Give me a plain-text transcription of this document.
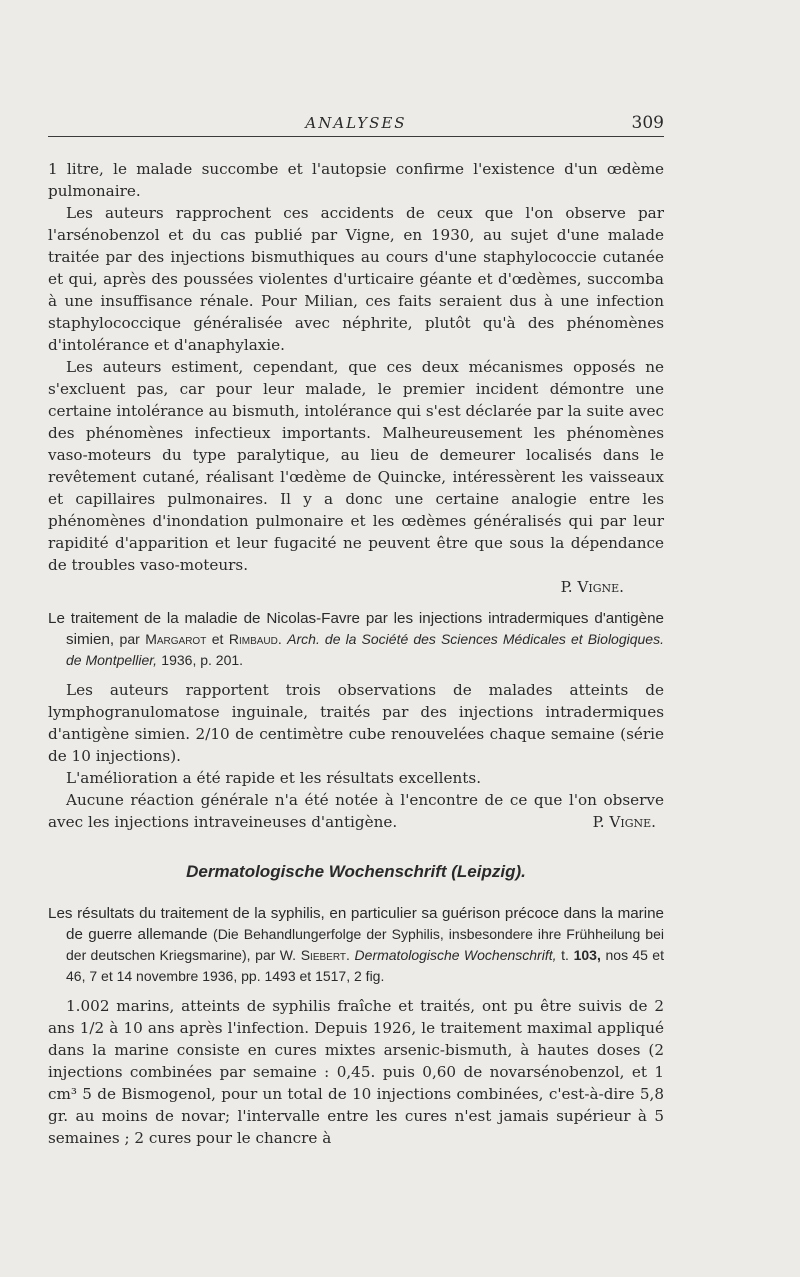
ANALYSES	309

1 litre, le malade succombe et l'autopsie confirme l'existence d'un œdème pulmonaire.

Les auteurs rapprochent ces accidents de ceux que l'on observe par l'arsénobenzol et du cas publié par Vigne, en 1930, au sujet d'une malade traitée par des injections bismuthiques au cours d'une staphylococcie cutanée et qui, après des poussées violentes d'urticaire géante et d'œdèmes, succomba à une insuffisance rénale. Pour Milian, ces faits seraient dus à une infection staphylococcique généralisée avec néphrite, plutôt qu'à des phénomènes d'intolérance et d'anaphylaxie.

Les auteurs estiment, cependant, que ces deux mécanismes opposés ne s'excluent pas, car pour leur malade, le premier incident démontre une certaine intolérance au bismuth, intolérance qui s'est déclarée par la suite avec des phénomènes infectieux importants. Malheureusement les phénomènes vaso-moteurs du type paralytique, au lieu de demeurer localisés dans le revêtement cutané, réalisant l'œdème de Quincke, intéressèrent les vaisseaux et capillaires pulmonaires. Il y a donc une certaine analogie entre les phénomènes d'inondation pulmonaire et les œdèmes généralisés qui par leur rapidité d'apparition et leur fugacité ne peuvent être que sous la dépendance de troubles vaso-moteurs.

P. Vigne.

Le traitement de la maladie de Nicolas-Favre par les injections intradermiques d'antigène simien, par Margarot et Rimbaud. Arch. de la Société des Sciences Médicales et Biologiques. de Montpellier, 1936, p. 201.

Les auteurs rapportent trois observations de malades atteints de lymphogranulomatose inguinale, traités par des injections intradermiques d'antigène simien. 2/10 de centimètre cube renouvelées chaque semaine (série de 10 injections).

L'amélioration a été rapide et les résultats excellents.

Aucune réaction générale n'a été notée à l'encontre de ce que l'on observe avec les injections intraveineuses d'antigène.	P. Vigne.

Dermatologische Wochenschrift (Leipzig).
Les résultats du traitement de la syphilis, en particulier sa guérison précoce dans la marine de guerre allemande (Die Behandlungerfolge der Syphilis, insbesondere ihre Frühheilung bei der deutschen Kriegsmarine), par W. Siebert. Dermatologische Wochenschrift, t. 103, nos 45 et 46, 7 et 14 novembre 1936, pp. 1493 et 1517, 2 fig.

1.002 marins, atteints de syphilis fraîche et traités, ont pu être suivis de 2 ans 1/2 à 10 ans après l'infection. Depuis 1926, le traitement maximal appliqué dans la marine consiste en cures mixtes arsenic-bismuth, à hautes doses (2 injections combinées par semaine : 0,45. puis 0,60 de novarsénobenzol, et 1 cm³ 5 de Bismogenol, pour un total de 10 injections combinées, c'est-à-dire 5,8 gr. au moins de novar; l'intervalle entre les cures n'est jamais supérieur à 5 semaines ; 2 cures pour le chancre à
